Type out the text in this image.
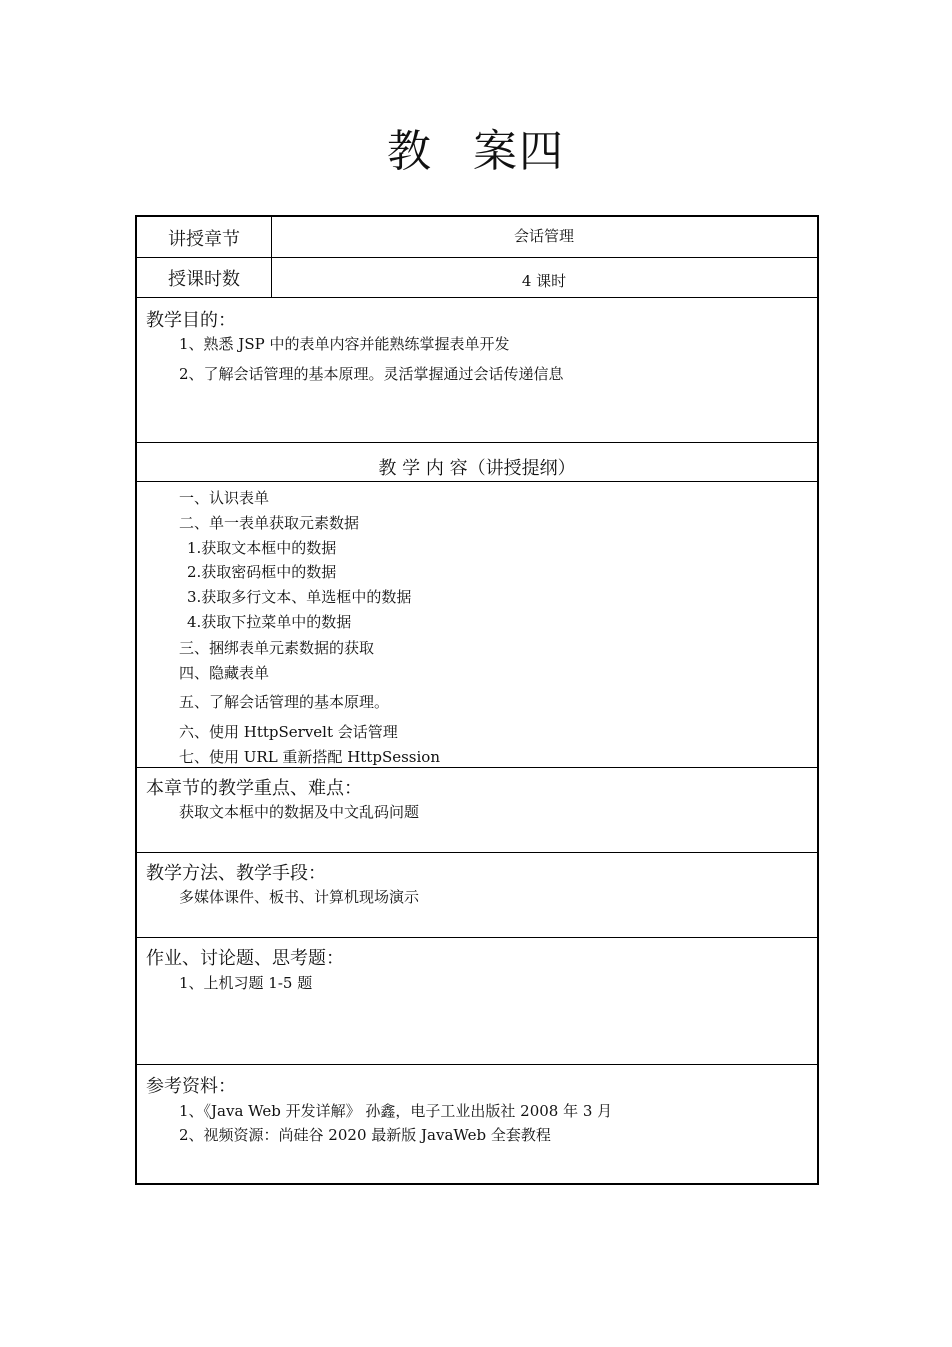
教 案四
讲授章节	会话管理
授课时数	4 课时
教学目的：
1、熟悉 JSP 中的表单内容并能熟练掌握表单开发
2、了解会话管理的基本原理。灵活掌握通过会话传递信息
教 学 内 容（讲授提纲）
一、认识表单
二、单一表单获取元素数据
1.获取文本框中的数据
2.获取密码框中的数据
3.获取多行文本、单选框中的数据
4.获取下拉菜单中的数据
三、捆绑表单元素数据的获取
四、隐藏表单
五、了解会话管理的基本原理。
六、使用 HttpServelt 会话管理
七、使用 URL 重新搭配 HttpSession
本章节的教学重点、难点：
获取文本框中的数据及中文乱码问题
教学方法、教学手段：
多媒体课件、板书、计算机现场演示
作业、讨论题、思考题：
1、上机习题 1-5 题
参考资料：
1、《Java Web 开发详解》 孙鑫，电子工业出版社 2008 年 3 月
2、视频资源：尚硅谷 2020 最新版 JavaWeb 全套教程
